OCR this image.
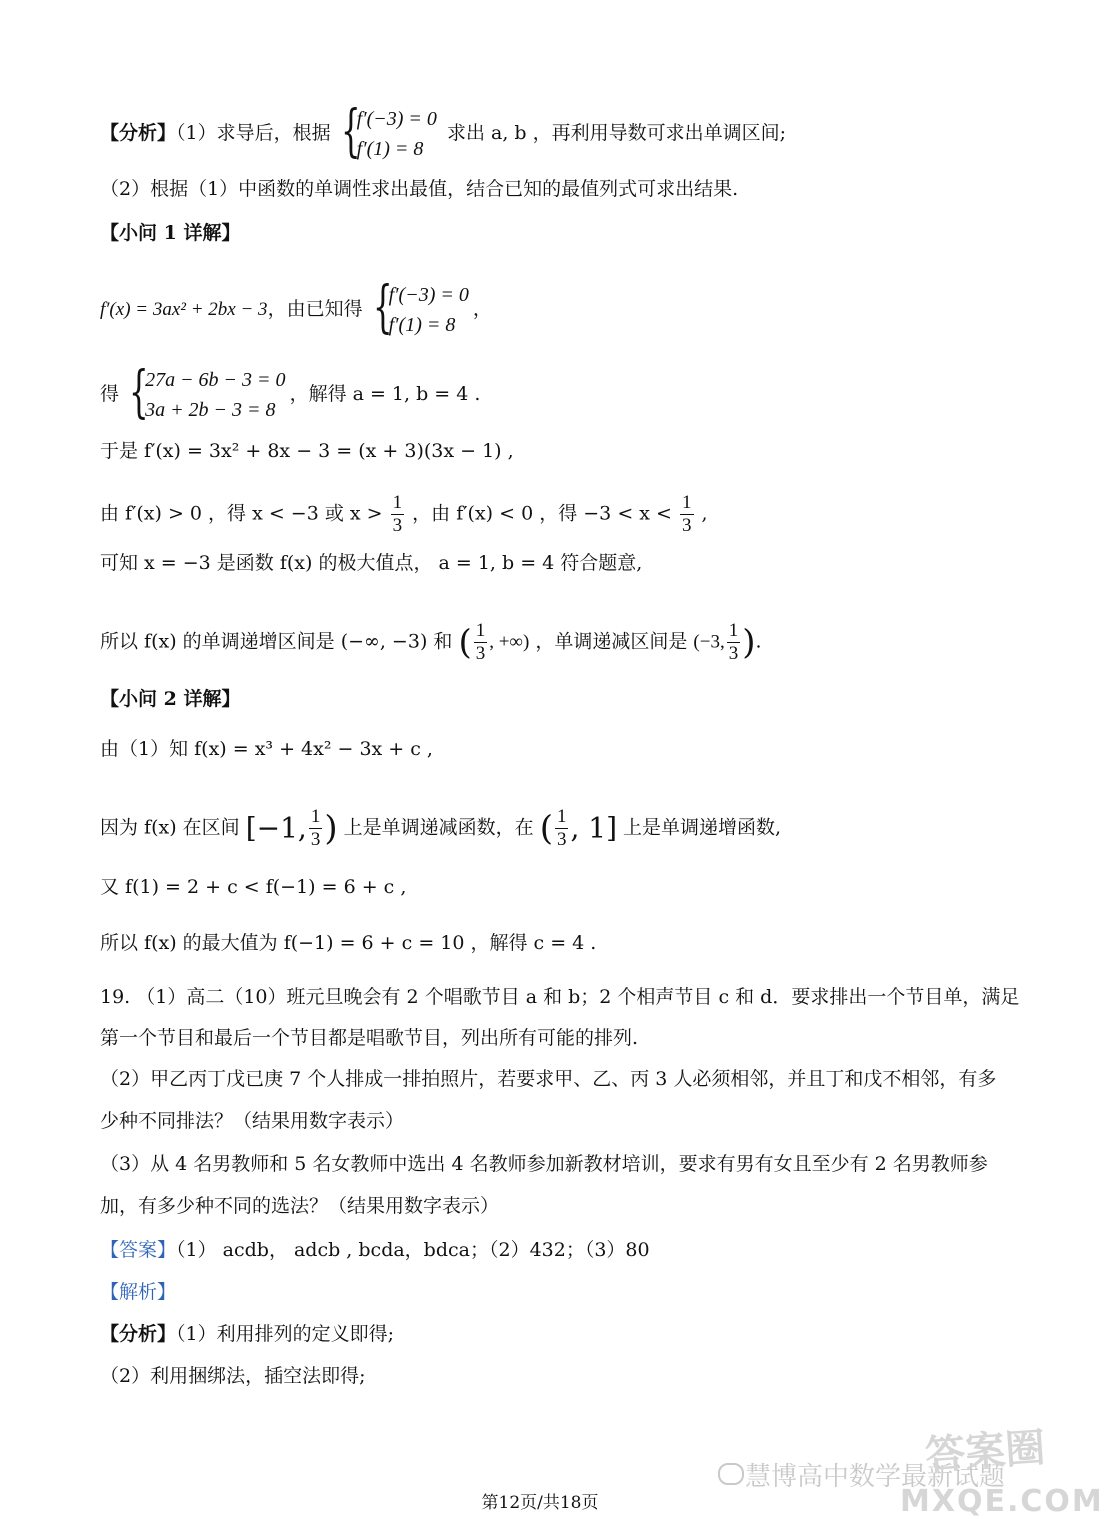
【分析】（1）求导后，根据 {
f′(−3) = 0
f′(1) = 8
求出 a, b ，再利用导数可求出单调区间;
（2）根据（1）中函数的单调性求出最值，结合已知的最值列式可求出结果.
【小问 1 详解】
f′(x) = 3ax² + 2bx − 3，由已知得 {
f′(−3) = 0
f′(1) = 8
，
得 {
27a − 6b − 3 = 0
3a + 2b − 3 = 8
，解得 a = 1, b = 4 .
于是 f′(x) = 3x² + 8x − 3 = (x + 3)(3x − 1) ,
由 f′(x) > 0 ，得 x < −3 或 $x > \frac{1}{3}$ ，由 f′(x) < 0 ，得 $-3 < x < \frac{1}{3}$ ,
可知 x = −3 是函数 f(x) 的极大值点， a = 1, b = 4 符合题意,
所以 f(x) 的单调递增区间是 (−∞, −3) 和 ( $\frac{1}{3}$ , +∞) ，单调递减区间是 (−3, $\frac{1}{3}$ ).
【小问 2 详解】
由（1）知 f(x) = x³ + 4x² − 3x + c ,
因为 f(x) 在区间 [−1, $\frac{1}{3}$ ) 上是单调递减函数，在 ( $\frac{1}{3}$ , 1] 上是单调递增函数,
又 f(1) = 2 + c < f(−1) = 6 + c ,
所以 f(x) 的最大值为 f(−1) = 6 + c = 10 ，解得 c = 4 .
19. （1）高二（10）班元旦晚会有 2 个唱歌节目 a 和 b；2 个相声节目 c 和 d．要求排出一个节目单，满足
第一个节目和最后一个节目都是唱歌节目，列出所有可能的排列.
（2）甲乙丙丁戊已庚 7 个人排成一排拍照片，若要求甲、乙、丙 3 人必须相邻，并且丁和戊不相邻，有多
少种不同排法？（结果用数字表示）
（3）从 4 名男教师和 5 名女教师中选出 4 名教师参加新教材培训，要求有男有女且至少有 2 名男教师参
加，有多少种不同的选法？（结果用数字表示）
【答案】（1） acdb， adcb , bcda，bdca；（2）432；（3）80
【解析】
【分析】（1）利用排列的定义即得;
（2）利用捆绑法，插空法即得;
慧博高中数学最新试题
答案圈
MXQE.COM
第12页/共18页
